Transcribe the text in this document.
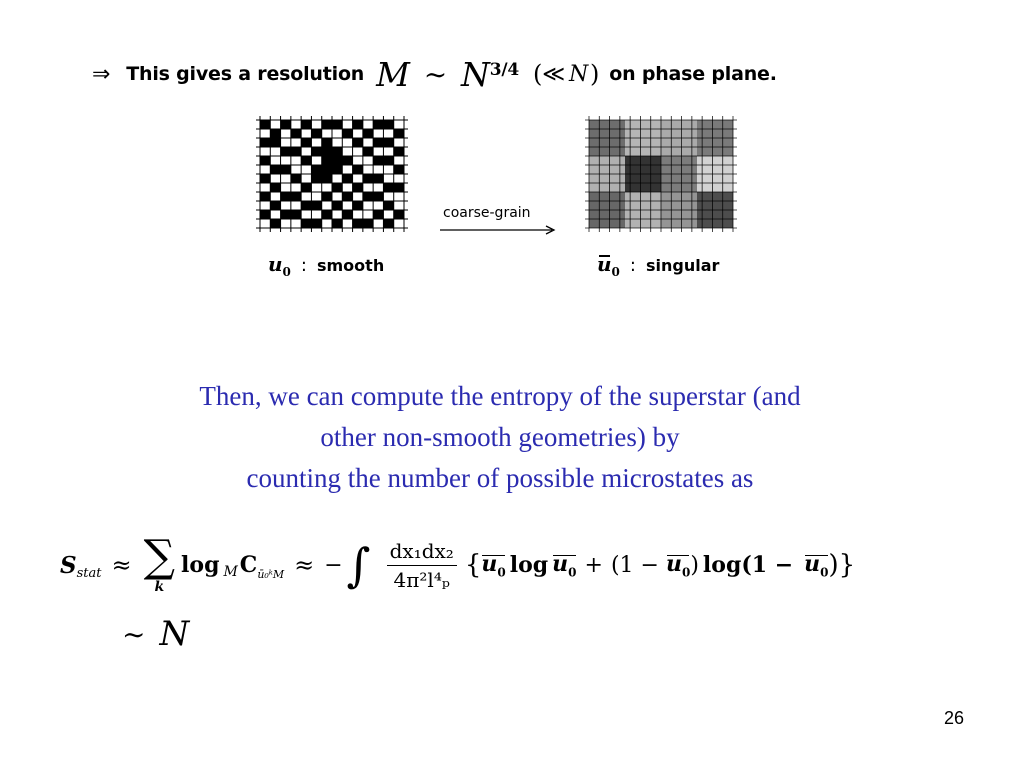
⇒ This gives a resolution M ∼ $N^{3/4}$ ( ≪ N ) on phase plane.
coarse-grain
$u_0$ : smooth	$u_0$ : singular
Then, we can compute the entropy of the superstar (and
other non-smooth geometries) by
counting the number of possible microstates as
S stat ≈ ∑
k
log M C ū₀ᵏM ≈ − ∫ $\frac{\text{dx₁dx₂}}{\text{4π²l⁴ₚ}}$ { $u_0$ $\log u_0 + (1$ −
$u_0$ ) log(1 −
$u_0$ )}
∼ N
26
